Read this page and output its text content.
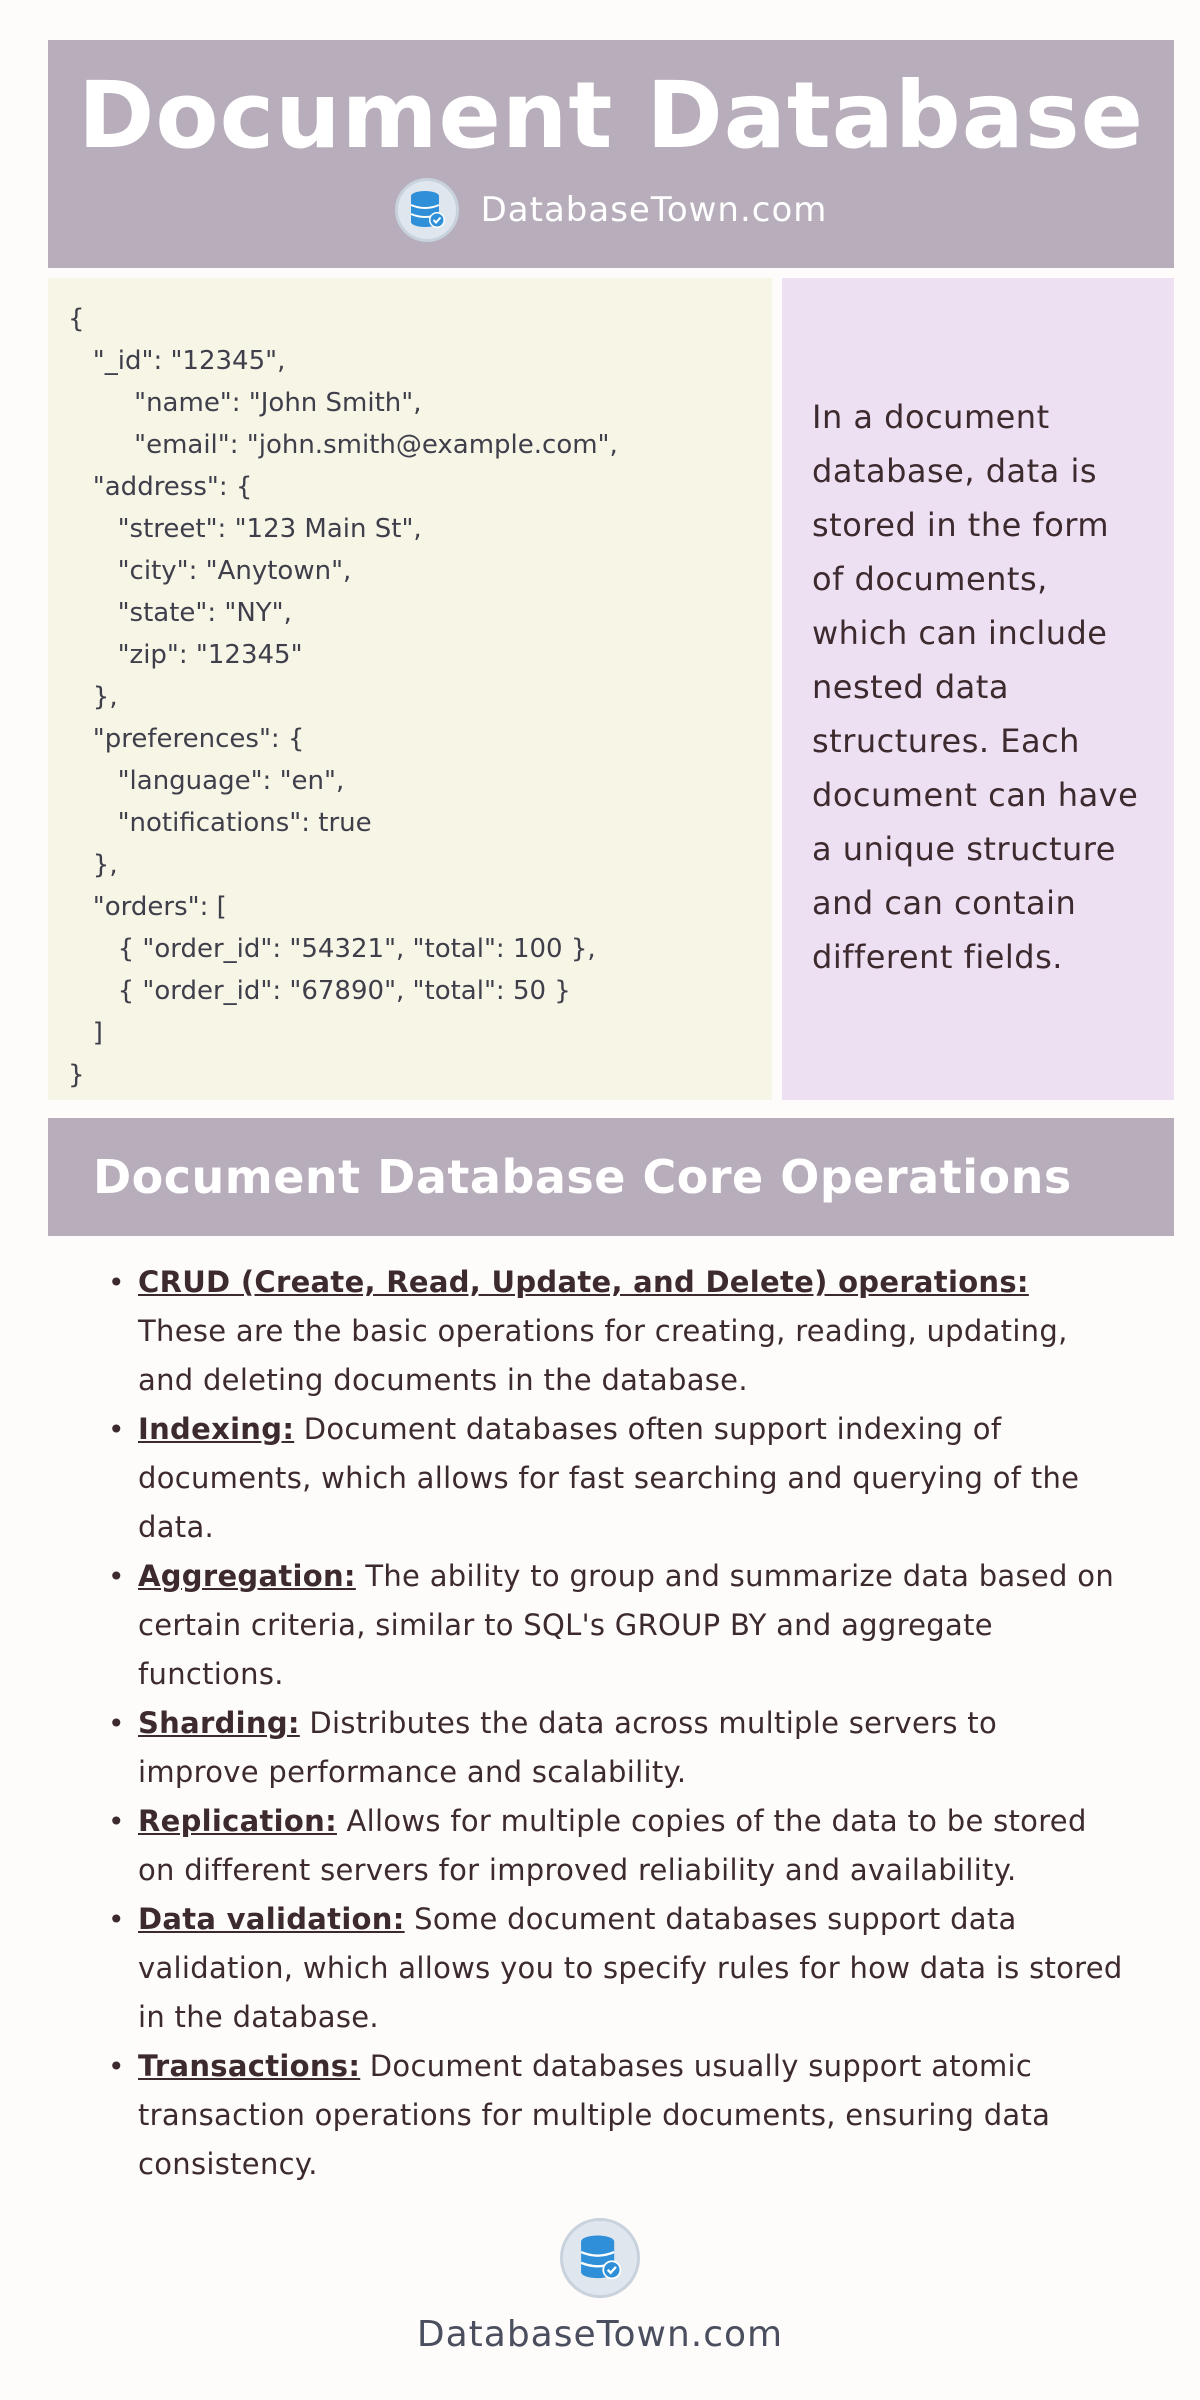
Document Database
DatabaseTown.com
{
"_id": "12345",
"name": "John Smith",
"email": "john.smith@example.com",
"address": {
"street": "123 Main St",
"city": "Anytown",
"state": "NY",
"zip": "12345"
},
"preferences": {
"language": "en",
"notifications": true
},
"orders": [
{ "order_id": "54321", "total": 100 },
{ "order_id": "67890", "total": 50 }
]
}

In a document database, data is stored in the form of documents, which can include nested data structures. Each document can have a unique structure and can contain different fields.

Document Database Core Operations
• CRUD (Create, Read, Update, and Delete) operations: These are the basic operations for creating, reading, updating, and deleting documents in the database.
• Indexing: Document databases often support indexing of documents, which allows for fast searching and querying of the data.
• Aggregation: The ability to group and summarize data based on certain criteria, similar to SQL's GROUP BY and aggregate functions.
• Sharding: Distributes the data across multiple servers to improve performance and scalability.
• Replication: Allows for multiple copies of the data to be stored on different servers for improved reliability and availability.
• Data validation: Some document databases support data validation, which allows you to specify rules for how data is stored in the database.
• Transactions: Document databases usually support atomic transaction operations for multiple documents, ensuring data consistency.
DatabaseTown.com
